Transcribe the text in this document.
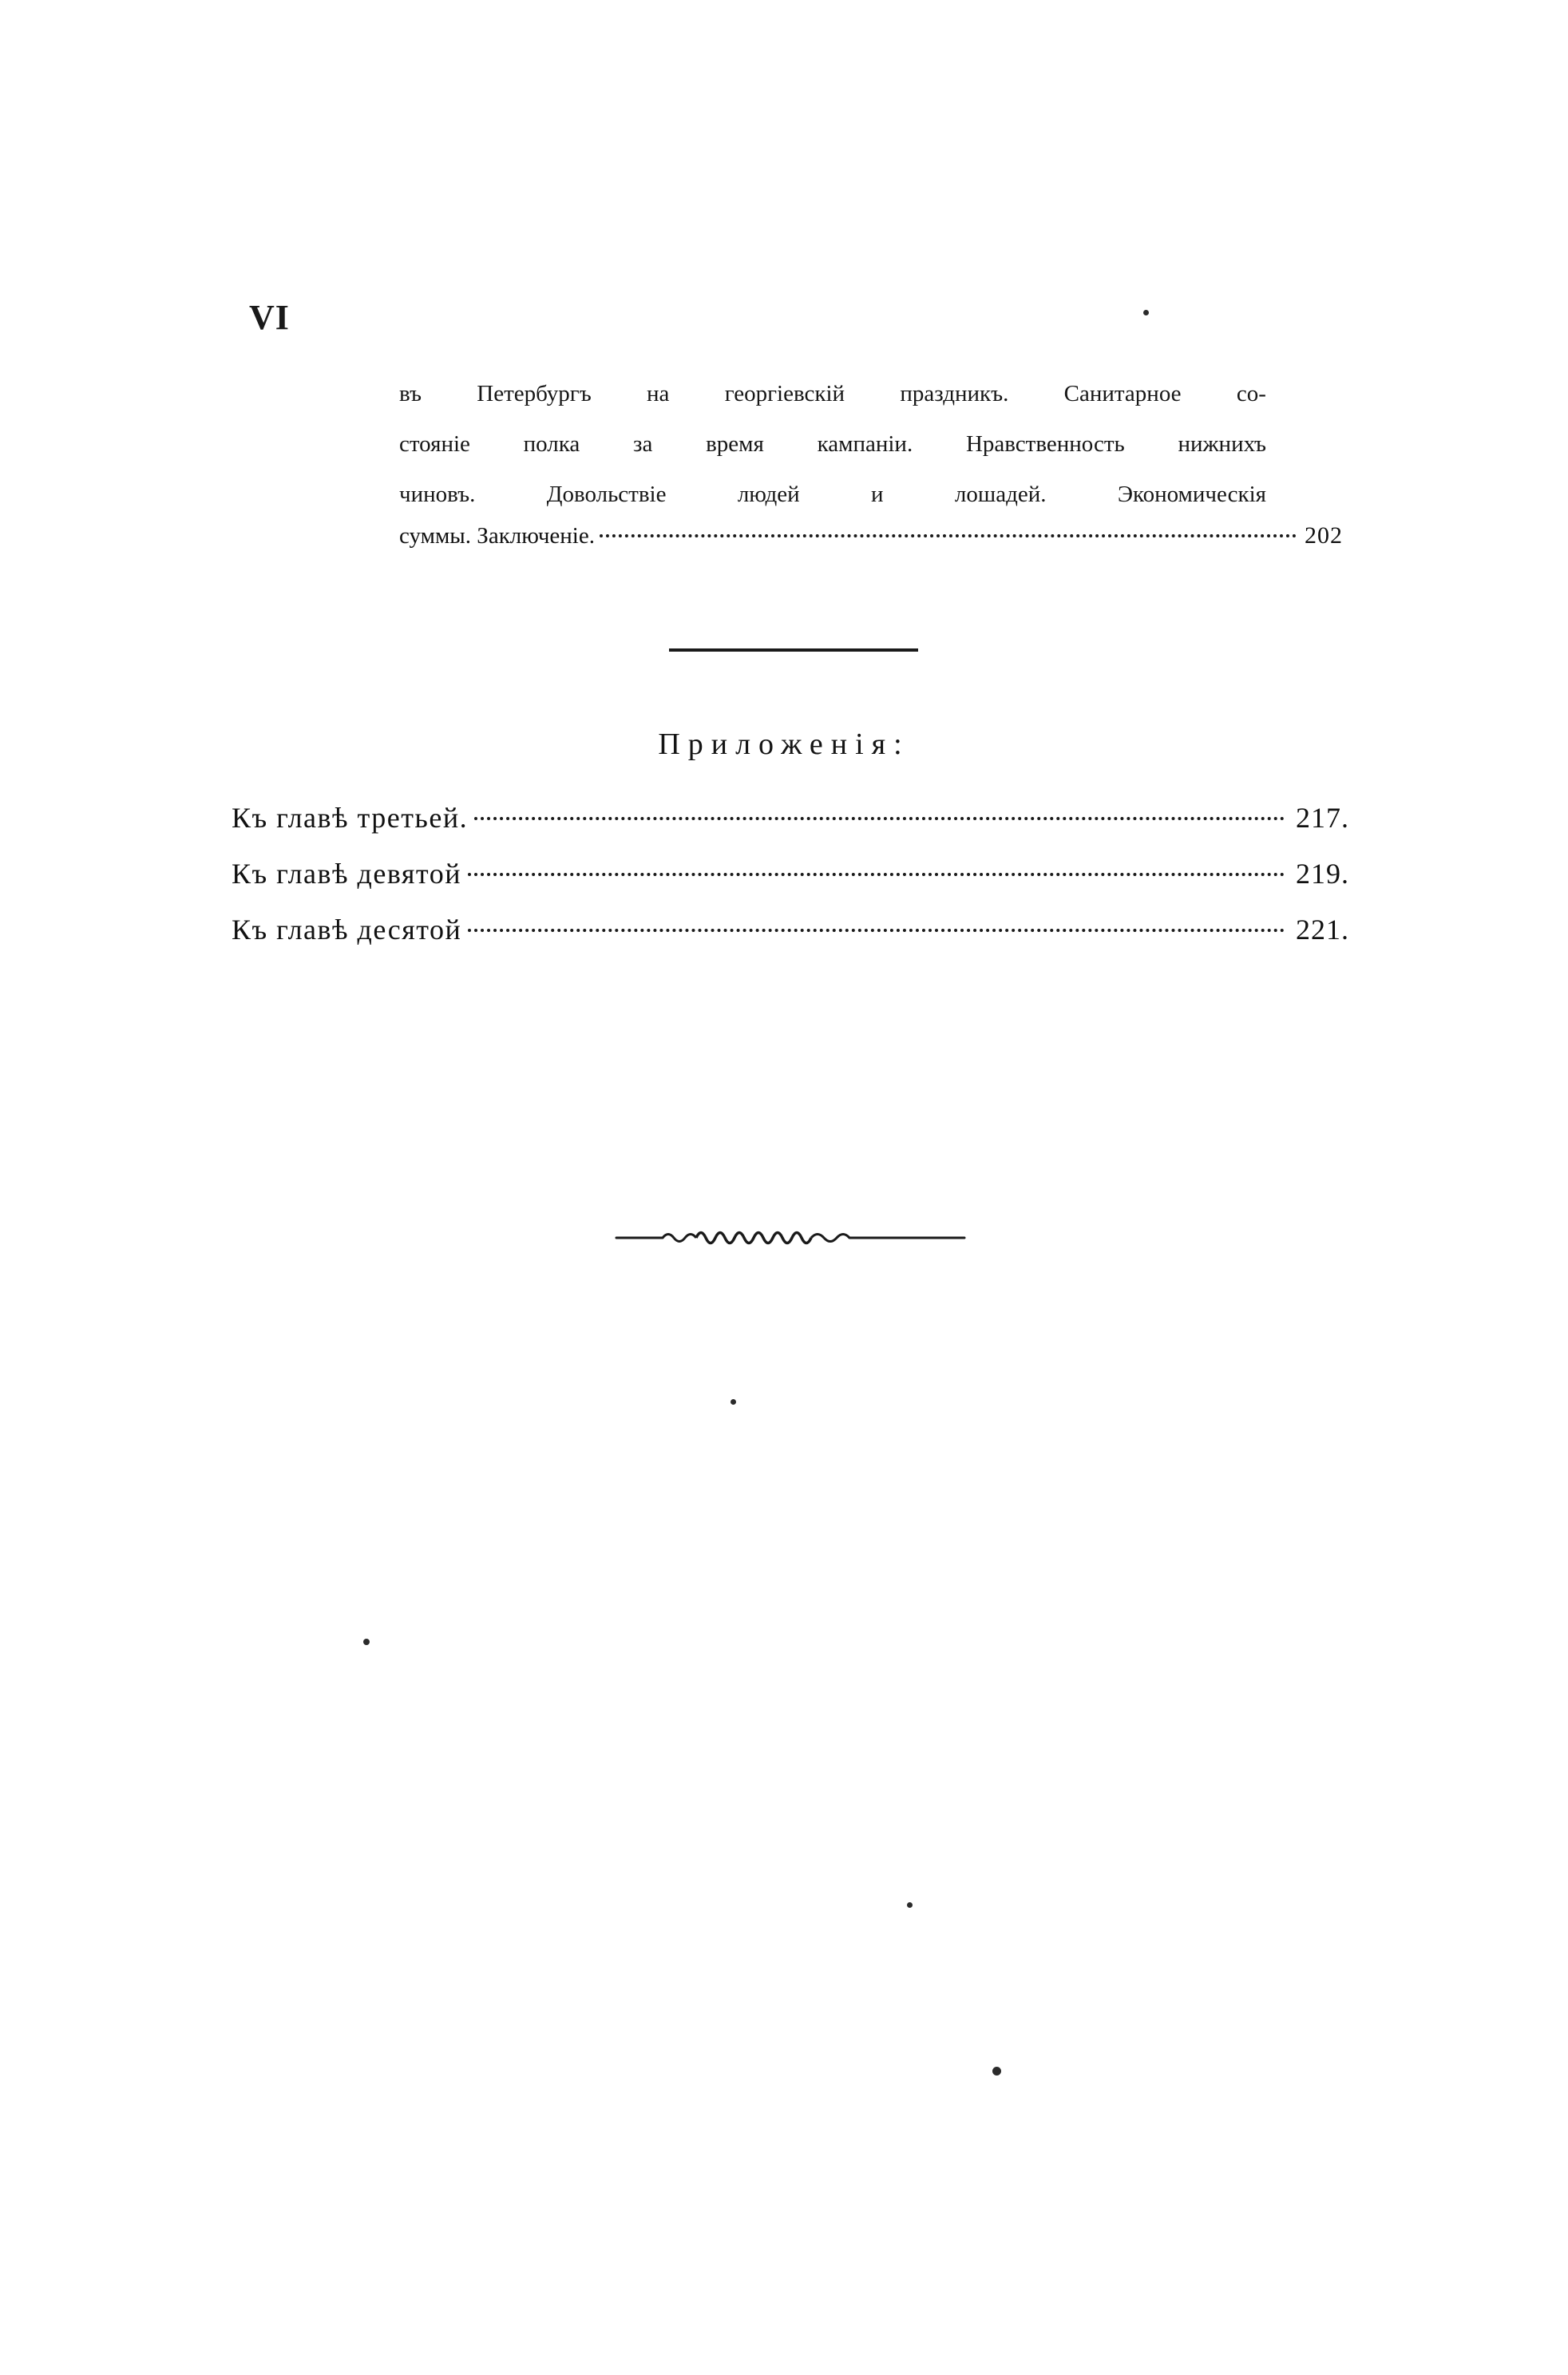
VI
въ Петербургъ на георгіевскій праздникъ. Санитарное со-
стояніе полка за время кампаніи. Нравственность нижнихъ
чиновъ.	Довольствіе	людей	и	лошадей.	Экономическія
суммы. Заключеніе.	202
Приложенія:
Къ главѣ третьей.	217.
Къ главѣ девятой	219.
Къ главѣ десятой	221.
